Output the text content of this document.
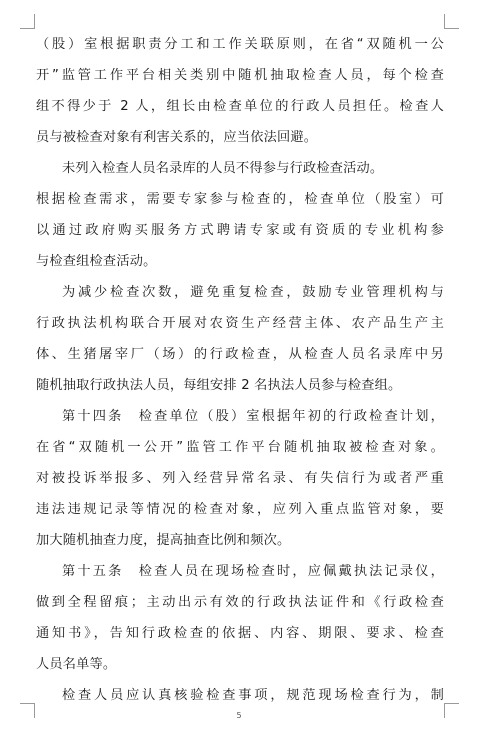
（股）室根据职责分工和工作关联原则，在省“双随机一公
开”监管工作平台相关类别中随机抽取检查人员，每个检查
组不得少于 2 人，组长由检查单位的行政人员担任。检查人
员与被检查对象有利害关系的，应当依法回避。
未列入检查人员名录库的人员不得参与行政检查活动。
根据检查需求，需要专家参与检查的，检查单位（股室）可
以通过政府购买服务方式聘请专家或有资质的专业机构参
与检查组检查活动。
为减少检查次数，避免重复检查，鼓励专业管理机构与
行政执法机构联合开展对农资生产经营主体、农产品生产主
体、生猪屠宰厂（场）的行政检查，从检查人员名录库中另
随机抽取行政执法人员，每组安排 2 名执法人员参与检查组。
第十四条　检查单位（股）室根据年初的行政检查计划，
在省“双随机一公开”监管工作平台随机抽取被检查对象。
对被投诉举报多、列入经营异常名录、有失信行为或者严重
违法违规记录等情况的检查对象，应列入重点监管对象，要
加大随机抽查力度，提高抽查比例和频次。
第十五条　检查人员在现场检查时，应佩戴执法记录仪，
做到全程留痕；主动出示有效的行政执法证件和《行政检查
通知书》，告知行政检查的依据、内容、期限、要求、检查
人员名单等。
检查人员应认真核验检查事项，规范现场检查行为，制
5
